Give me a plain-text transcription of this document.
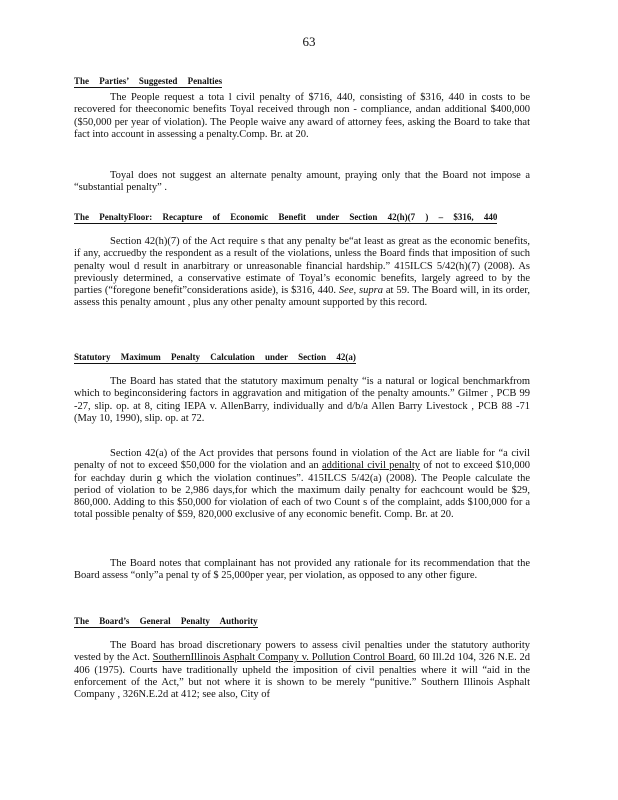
63
The Parties’ Suggested Penalties

The People request a tota l civil penalty of $716, 440, consisting of $316, 440 in costs to be recovered for theeconomic benefits Toyal received through non - compliance, andan additional $400,000 ($50,000 per year of violation). The People waive any award of attorney fees, asking the Board to take that fact into account in assessing a penalty.Comp. Br. at 20.

Toyal does not suggest an alternate penalty amount, praying only that the Board not impose a “substantial penalty” .

The PenaltyFloor: Recapture of Economic Benefit under Section 42(h)(7 ) – $316, 440

Section 42(h)(7) of the Act require s that any penalty be“at least as great as the economic benefits, if any, accruedby the respondent as a result of the violations, unless the Board finds that imposition of such penalty woul d result in anarbitrary or unreasonable financial hardship.” 415ILCS 5/42(h)(7) (2008). As previously determined, a conservative estimate of Toyal’s economic benefits, largely agreed to by the parties (“foregone benefit”considerations aside), is $316, 440. See, supra at 59. The Board will, in its order, assess this penalty amount , plus any other penalty amount supported by this record.

Statutory Maximum Penalty Calculation under Section 42(a)

The Board has stated that the statutory maximum penalty “is a natural or logical benchmarkfrom which to beginconsidering factors in aggravation and mitigation of the penalty amounts.” Gilmer , PCB 99 -27, slip. op. at 8, citing IEPA v. AllenBarry, individually and d/b/a Allen Barry Livestock , PCB 88 -71 (May 10, 1990), slip. op. at 72.

Section 42(a) of the Act provides that persons found in violation of the Act are liable for “a civil penalty of not to exceed $50,000 for the violation and an additional civil penalty of not to exceed $10,000 for eachday durin g which the violation continues”. 415ILCS 5/42(a) (2008). The People calculate the period of violation to be 2,986 days,for which the maximum daily penalty for eachcount would be $29, 860,000. Adding to this $50,000 for violation of each of two Count s of the complaint, adds $100,000 for a total possible penalty of $59, 820,000 exclusive of any economic benefit. Comp. Br. at 20.

The Board notes that complainant has not provided any rationale for its recommendation that the Board assess “only”a penal ty of $ 25,000per year, per violation, as opposed to any other figure.

The Board’s General Penalty Authority

The Board has broad discretionary powers to assess civil penalties under the statutory authority vested by the Act. SouthernIllinois Asphalt Company v. Pollution Control Board, 60 Ill.2d 104, 326 N.E. 2d 406 (1975). Courts have traditionally upheld the imposition of civil penalties where it will “aid in the enforcement of the Act,” but not where it is shown to be merely “punitive.” Southern Illinois Asphalt Company , 326N.E.2d at 412; see also, City of
